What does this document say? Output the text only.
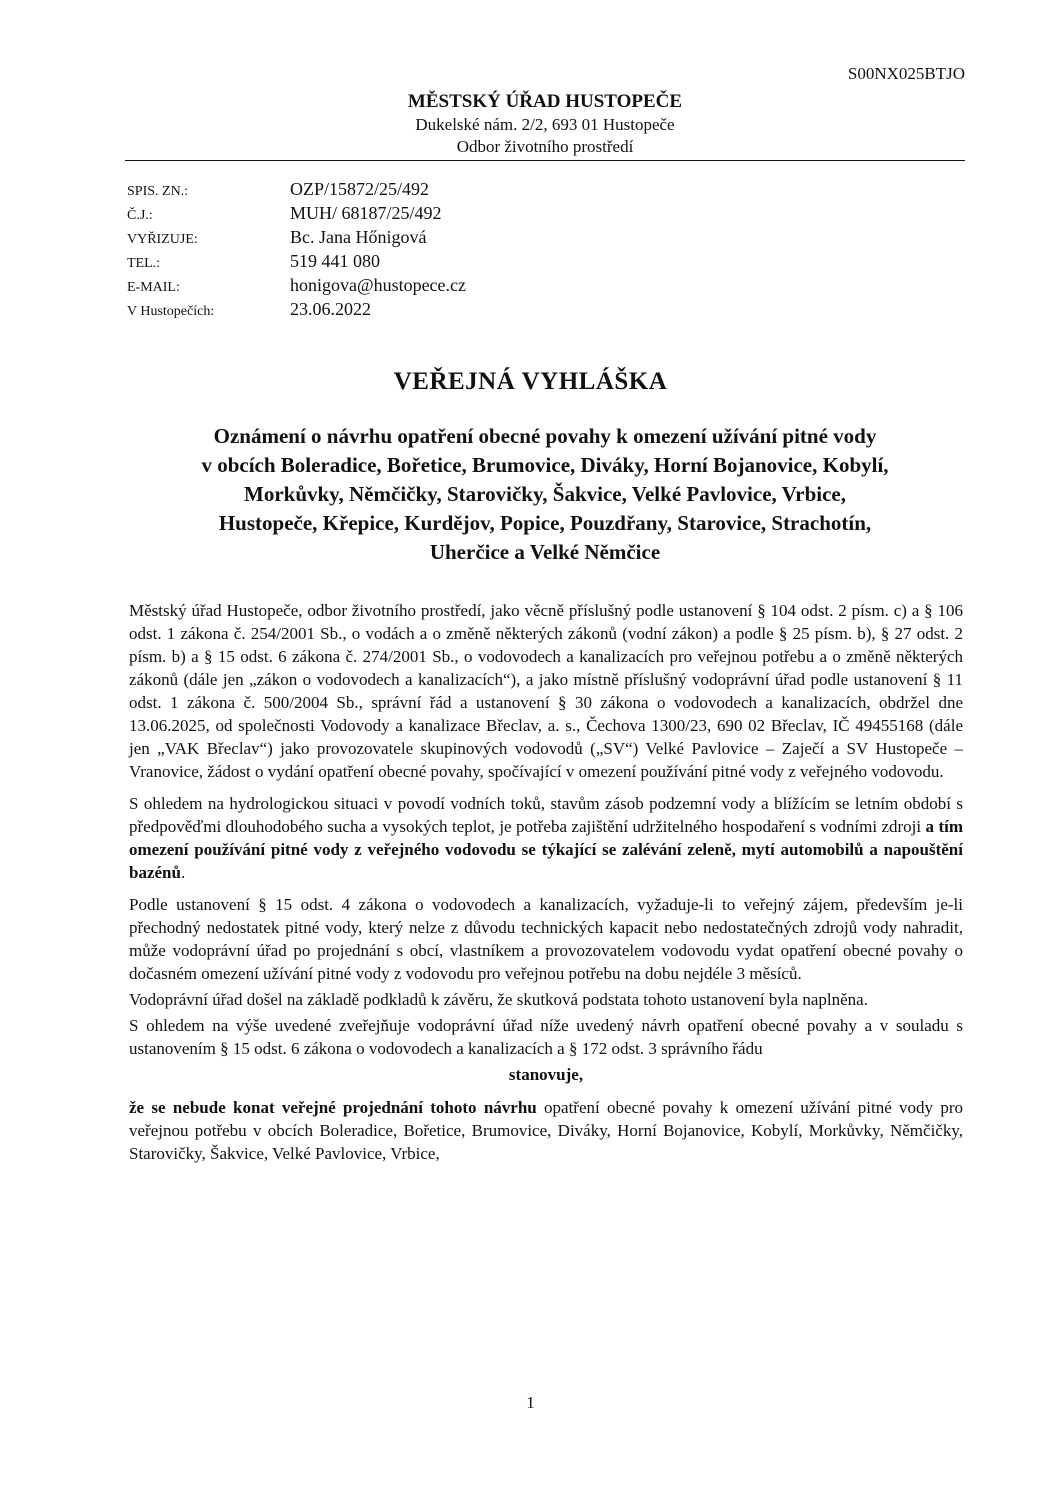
S00NX025BTJO
MĚSTSKÝ ÚŘAD HUSTOPEČE
Dukelské nám. 2/2, 693 01 Hustopeče
Odbor životního prostředí
SPIS. ZN.:	OZP/15872/25/492
Č.J.:	MUH/ 68187/25/492
VYŘIZUJE:	Bc. Jana Hőnigová
TEL.:	519 441 080
E-MAIL:	honigova@hustopece.cz
V Hustopečích:	23.06.2022
VEŘEJNÁ VYHLÁŠKA
Oznámení o návrhu opatření obecné povahy k omezení užívání pitné vody
v obcích Boleradice, Bořetice, Brumovice, Diváky, Horní Bojanovice, Kobylí,
Morkůvky, Němčičky, Starovičky, Šakvice, Velké Pavlovice, Vrbice,
Hustopeče, Křepice, Kurdějov, Popice, Pouzdřany, Starovice, Strachotín,
Uherčice a Velké Němčice

Městský úřad Hustopeče, odbor životního prostředí, jako věcně příslušný podle ustanovení § 104 odst. 2 písm. c) a § 106 odst. 1 zákona č. 254/2001 Sb., o vodách a o změně některých zákonů (vodní zákon) a podle § 25 písm. b), § 27 odst. 2 písm. b) a § 15 odst. 6 zákona č. 274/2001 Sb., o vodovodech a kanalizacích pro veřejnou potřebu a o změně některých zákonů (dále jen „zákon o vodovodech a kanalizacích“), a jako místně příslušný vodoprávní úřad podle ustanovení § 11 odst. 1 zákona č. 500/2004 Sb., správní řád a ustanovení § 30 zákona o vodovodech a kanalizacích, obdržel dne 13.06.2025, od společnosti Vodovody a kanalizace Břeclav, a. s., Čechova 1300/23, 690 02 Břeclav, IČ 49455168 (dále jen „VAK Břeclav“) jako provozovatele skupinových vodovodů („SV“) Velké Pavlovice – Zaječí a SV Hustopeče – Vranovice, žádost o vydání opatření obecné povahy, spočívající v omezení používání pitné vody z veřejného vodovodu.

S ohledem na hydrologickou situaci v povodí vodních toků, stavům zásob podzemní vody a blížícím se letním období s předpověďmi dlouhodobého sucha a vysokých teplot, je potřeba zajištění udržitelného hospodaření s vodními zdroji a tím omezení používání pitné vody z veřejného vodovodu se týkající se zalévání zeleně, mytí automobilů a napouštění bazénů.

Podle ustanovení § 15 odst. 4 zákona o vodovodech a kanalizacích, vyžaduje-li to veřejný zájem, především je-li přechodný nedostatek pitné vody, který nelze z důvodu technických kapacit nebo nedostatečných zdrojů vody nahradit, může vodoprávní úřad po projednání s obcí, vlastníkem a provozovatelem vodovodu vydat opatření obecné povahy o dočasném omezení užívání pitné vody z vodovodu pro veřejnou potřebu na dobu nejdéle 3 měsíců.

Vodoprávní úřad došel na základě podkladů k závěru, že skutková podstata tohoto ustanovení byla naplněna.

S ohledem na výše uvedené zveřejňuje vodoprávní úřad níže uvedený návrh opatření obecné povahy a v souladu s ustanovením § 15 odst. 6 zákona o vodovodech a kanalizacích a § 172 odst. 3 správního řádu

stanovuje,

že se nebude konat veřejné projednání tohoto návrhu opatření obecné povahy k omezení užívání pitné vody pro veřejnou potřebu v obcích Boleradice, Bořetice, Brumovice, Diváky, Horní Bojanovice, Kobylí, Morkůvky, Němčičky, Starovičky, Šakvice, Velké Pavlovice, Vrbice,

1
